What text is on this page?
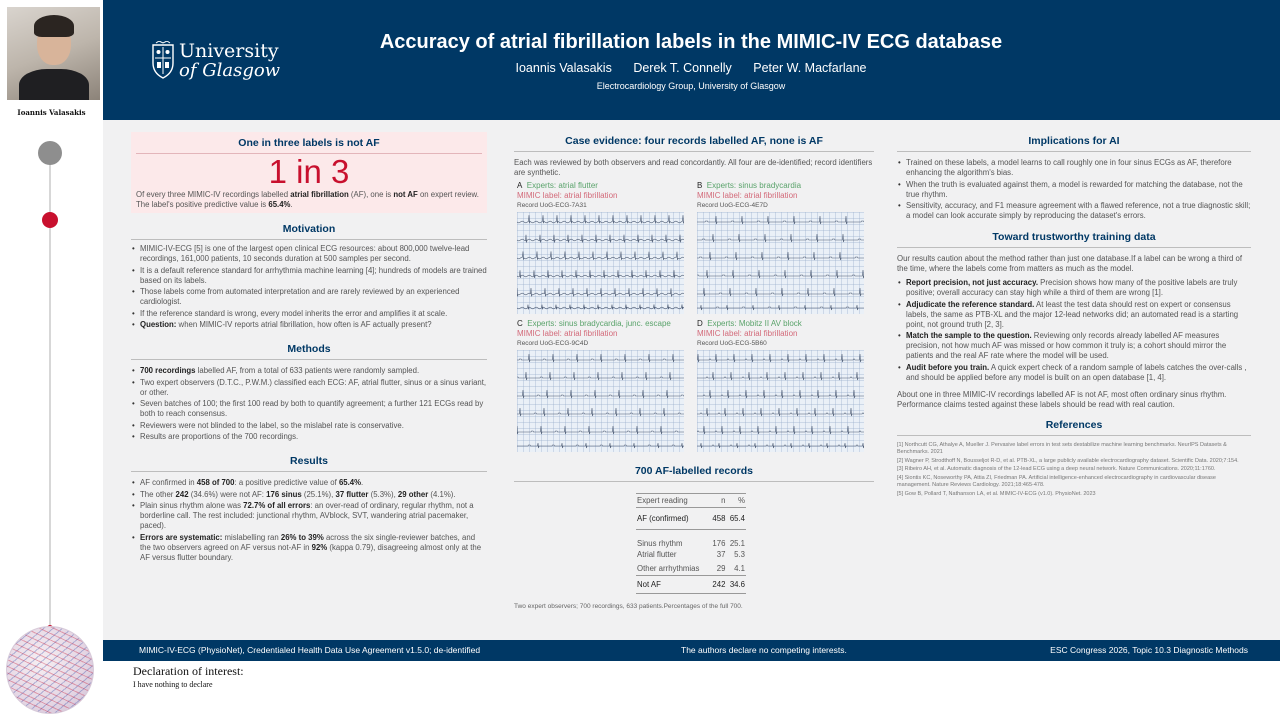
Ioannis Valasakis
University
of Glasgow
Accuracy of atrial fibrillation labels in the MIMIC-IV ECG database
Ioannis Valasakis Derek T. Connelly Peter W. Macfarlane
Electrocardiology Group, University of Glasgow
One in three labels is not AF
1 in 3
Of every three MIMIC-IV recordings labelled atrial fibrillation (AF), one is not AF on expert review. The label's positive predictive value is 65.4%.
Motivation
• MIMIC-IV-ECG [5] is one of the largest open clinical ECG resources: about 800,000 twelve-lead recordings, 161,000 patients, 10 seconds duration at 500 samples per second.
• It is a default reference standard for arrhythmia machine learning [4]; hundreds of models are trained based on its labels.
• Those labels come from automated interpretation and are rarely reviewed by an experienced cardiologist.
• If the reference standard is wrong, every model inherits the error and amplifies it at scale.
• Question: when MIMIC-IV reports atrial fibrillation, how often is AF actually present?
Methods
• 700 recordings labelled AF, from a total of 633 patients were randomly sampled.
• Two expert observers (D.T.C., P.W.M.) classified each ECG: AF, atrial flutter, sinus or a sinus variant, or other.
• Seven batches of 100; the first 100 read by both to quantify agreement; a further 121 ECGs read by both to reach consensus.
• Reviewers were not blinded to the label, so the mislabel rate is conservative.
• Results are proportions of the 700 recordings.
Results
• AF confirmed in 458 of 700: a positive predictive value of 65.4%.
• The other 242 (34.6%) were not AF: 176 sinus (25.1%), 37 flutter (5.3%), 29 other (4.1%).
• Plain sinus rhythm alone was 72.7% of all errors: an over-read of ordinary, regular rhythm, not a borderline call. The rest included: junctional rhythm, AVblock, SVT, wandering atrial pacemaker, paced).
• Errors are systematic: mislabelling ran 26% to 39% across the six single-reviewer batches, and the two observers agreed on AF versus not-AF in 92% (kappa 0.79), disagreeing almost only at the AF versus flutter boundary.
Case evidence: four records labelled AF, none is AF
Each was reviewed by both observers and read concordantly. All four are de-identified; record identifiers are synthetic.
A Experts: atrial flutter
MIMIC label: atrial fibrillation
Record UoG-ECG-7A31
B Experts: sinus bradycardia
MIMIC label: atrial fibrillation
Record UoG-ECG-4E7D
C Experts: sinus bradycardia, junc. escape
MIMIC label: atrial fibrillation
Record UoG-ECG-9C4D
D Experts: Mobitz II AV block
MIMIC label: atrial fibrillation
Record UoG-ECG-5B60
700 AF-labelled records
Expert reading	n	%
AF (confirmed)	458	65.4
Sinus rhythm	176	25.1
Atrial flutter	37	5.3
Other arrhythmias	29	4.1
Not AF	242	34.6
Two expert observers; 700 recordings, 633 patients.Percentages of the full 700.
Implications for AI
• Trained on these labels, a model learns to call roughly one in four sinus ECGs as AF, therefore enhancing the algorithm's bias.
• When the truth is evaluated against them, a model is rewarded for matching the database, not the true rhythm.
• Sensitivity, accuracy, and F1 measure agreement with a flawed reference, not a true diagnostic skill; a model can look accurate simply by reproducing the dataset's errors.
Toward trustworthy training data
Our results caution about the method rather than just one database.If a label can be wrong a third of the time, where the labels come from matters as much as the model.
• Report precision, not just accuracy. Precision shows how many of the positive labels are truly positive; overall accuracy can stay high while a third of them are wrong [1].
• Adjudicate the reference standard. At least the test data should rest on expert or consensus labels, the same as PTB-XL and the major 12-lead networks did; an automated read is a starting point, not ground truth [2, 3].
• Match the sample to the question. Reviewing only records already labelled AF measures precision, not how much AF was missed or how common it truly is; a cohort should mirror the patients and the real AF rate where the model will be used.
• Audit before you train. A quick expert check of a random sample of labels catches the over-calls , and should be applied before any model is built on an open database [1, 4].
About one in three MIMIC-IV recordings labelled AF is not AF, most often ordinary sinus rhythm. Performance claims tested against these labels should be read with real caution.
References
[1] Northcutt CG, Athalye A, Mueller J. Pervasive label errors in test sets destabilize machine learning benchmarks. NeurIPS Datasets & Benchmarks. 2021
[2] Wagner P, Strodthoff N, Bousseljot R-D, et al. PTB-XL, a large publicly available electrocardiography dataset. Scientific Data. 2020;7:154.
[3] Ribeiro AH, et al. Automatic diagnosis of the 12-lead ECG using a deep neural network. Nature Communications. 2020;11:1760.
[4] Siontis KC, Noseworthy PA, Attia ZI, Friedman PA. Artificial intelligence-enhanced electrocardiography in cardiovascular disease management. Nature Reviews Cardiology. 2021;18:465-478.
[5] Gow B, Pollard T, Nathanson LA, et al. MIMIC-IV-ECG (v1.0). PhysioNet. 2023
MIMIC-IV-ECG (PhysioNet), Credentialed Health Data Use Agreement v1.5.0; de-identified	The authors declare no competing interests.	ESC Congress 2026, Topic 10.3 Diagnostic Methods
Declaration of interest:
I have nothing to declare
